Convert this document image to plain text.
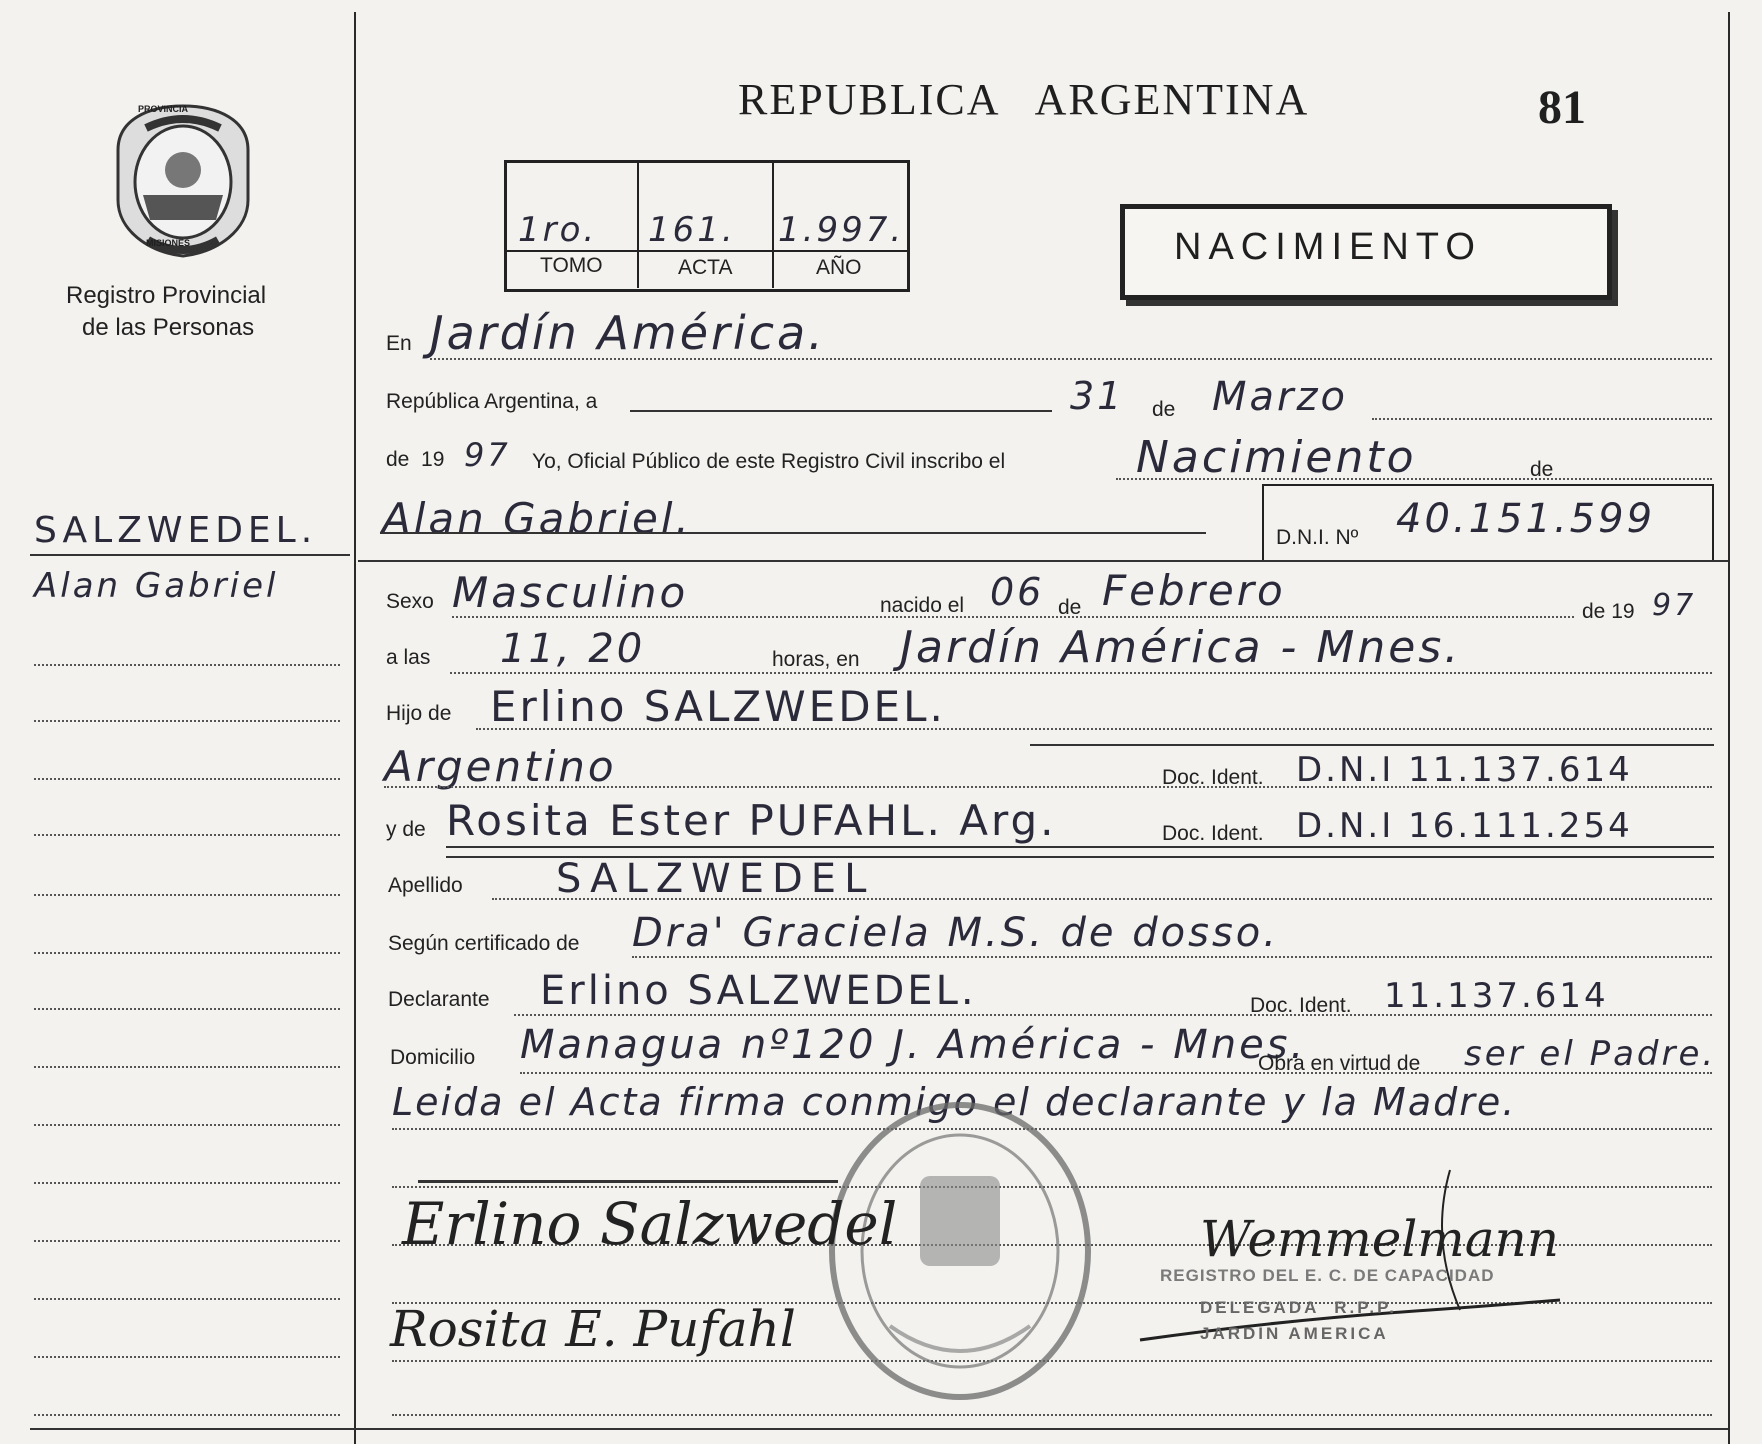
PROVINCIA
MISIONES
Registro Provincial
de las Personas
REPUBLICA   ARGENTINA	81
1ro. 161. 1.997.
TOMO	ACTA	AÑO	NACIMIENTO
SALZWEDEL.
Alan Gabriel
En Jardín América.
República Argentina, a	31 de Marzo
de  19 97 Yo, Oficial Público de este Registro Civil inscribo el	Nacimiento	de
Alan Gabriel.	D.N.I. Nº 40.151.599
Sexo Masculino	nacido el 06 de Febrero	de 19 97
a las 11, 20	horas, en Jardín América - Mnes.
Hijo de Erlino SALZWEDEL.
Argentino	Doc. Ident. D.N.I 11.137.614
y de Rosita Ester PUFAHL. Arg.	Doc. Ident. D.N.I 16.111.254
Apellido SALZWEDEL
Según certificado de Dra' Graciela M.S. de dosso.
Declarante Erlino SALZWEDEL.	Doc. Ident. 11.137.614
Domicilio Managua nº120 J. América - Mnes.
Obra en virtud de ser el Padre.
Leida el Acta firma conmigo el declarante y la Madre.
Erlino Salzwedel
Rosita E. Pufahl
Wemmelmann
REGISTRO DEL E. C. DE CAPACIDAD
DELEGADA  R.P.P.
JARDIN AMERICA
